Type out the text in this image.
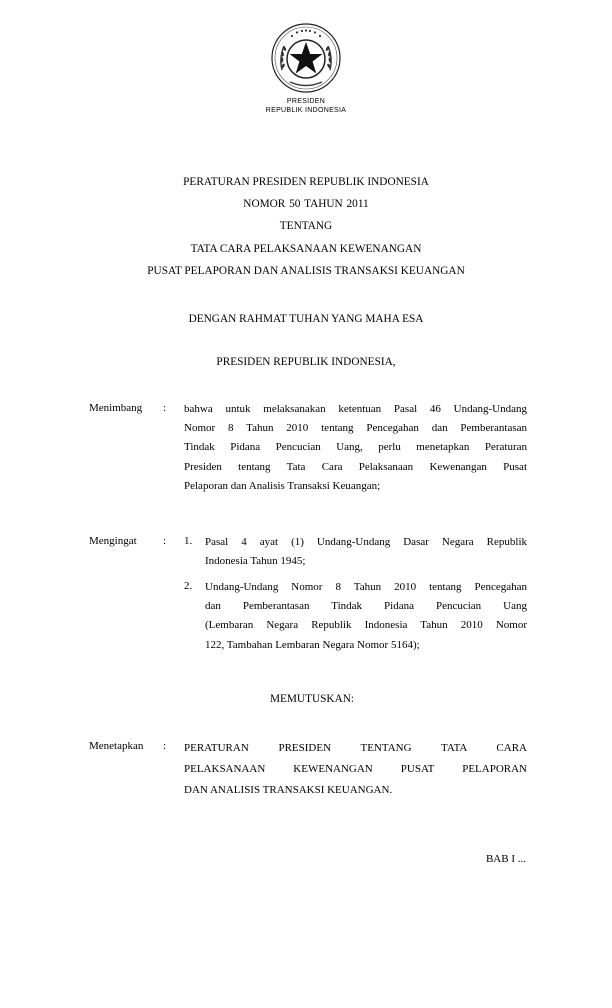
PRESIDEN
REPUBLIK INDONESIA
PERATURAN PRESIDEN REPUBLIK INDONESIA
NOMOR 50 TAHUN 2011
TENTANG
TATA CARA PELAKSANAAN KEWENANGAN
PUSAT PELAPORAN DAN ANALISIS TRANSAKSI KEUANGAN
DENGAN RAHMAT TUHAN YANG MAHA ESA
PRESIDEN REPUBLIK INDONESIA,
Menimbang : bahwa untuk melaksanakan ketentuan Pasal 46 Undang-Undang
Nomor 8 Tahun 2010 tentang Pencegahan dan Pemberantasan
Tindak Pidana Pencucian Uang, perlu menetapkan Peraturan
Presiden tentang Tata Cara Pelaksanaan Kewenangan Pusat
Pelaporan dan Analisis Transaksi Keuangan;
Mengingat : 1. Pasal 4 ayat (1) Undang-Undang Dasar Negara Republik
Indonesia Tahun 1945;
2. Undang-Undang Nomor 8 Tahun 2010 tentang Pencegahan
dan Pemberantasan Tindak Pidana Pencucian Uang
(Lembaran Negara Republik Indonesia Tahun 2010 Nomor
122, Tambahan Lembaran Negara Nomor 5164);
MEMUTUSKAN:
Menetapkan : PERATURAN PRESIDEN TENTANG TATA CARA
PELAKSANAAN KEWENANGAN PUSAT PELAPORAN
DAN ANALISIS TRANSAKSI KEUANGAN.
BAB I ...
